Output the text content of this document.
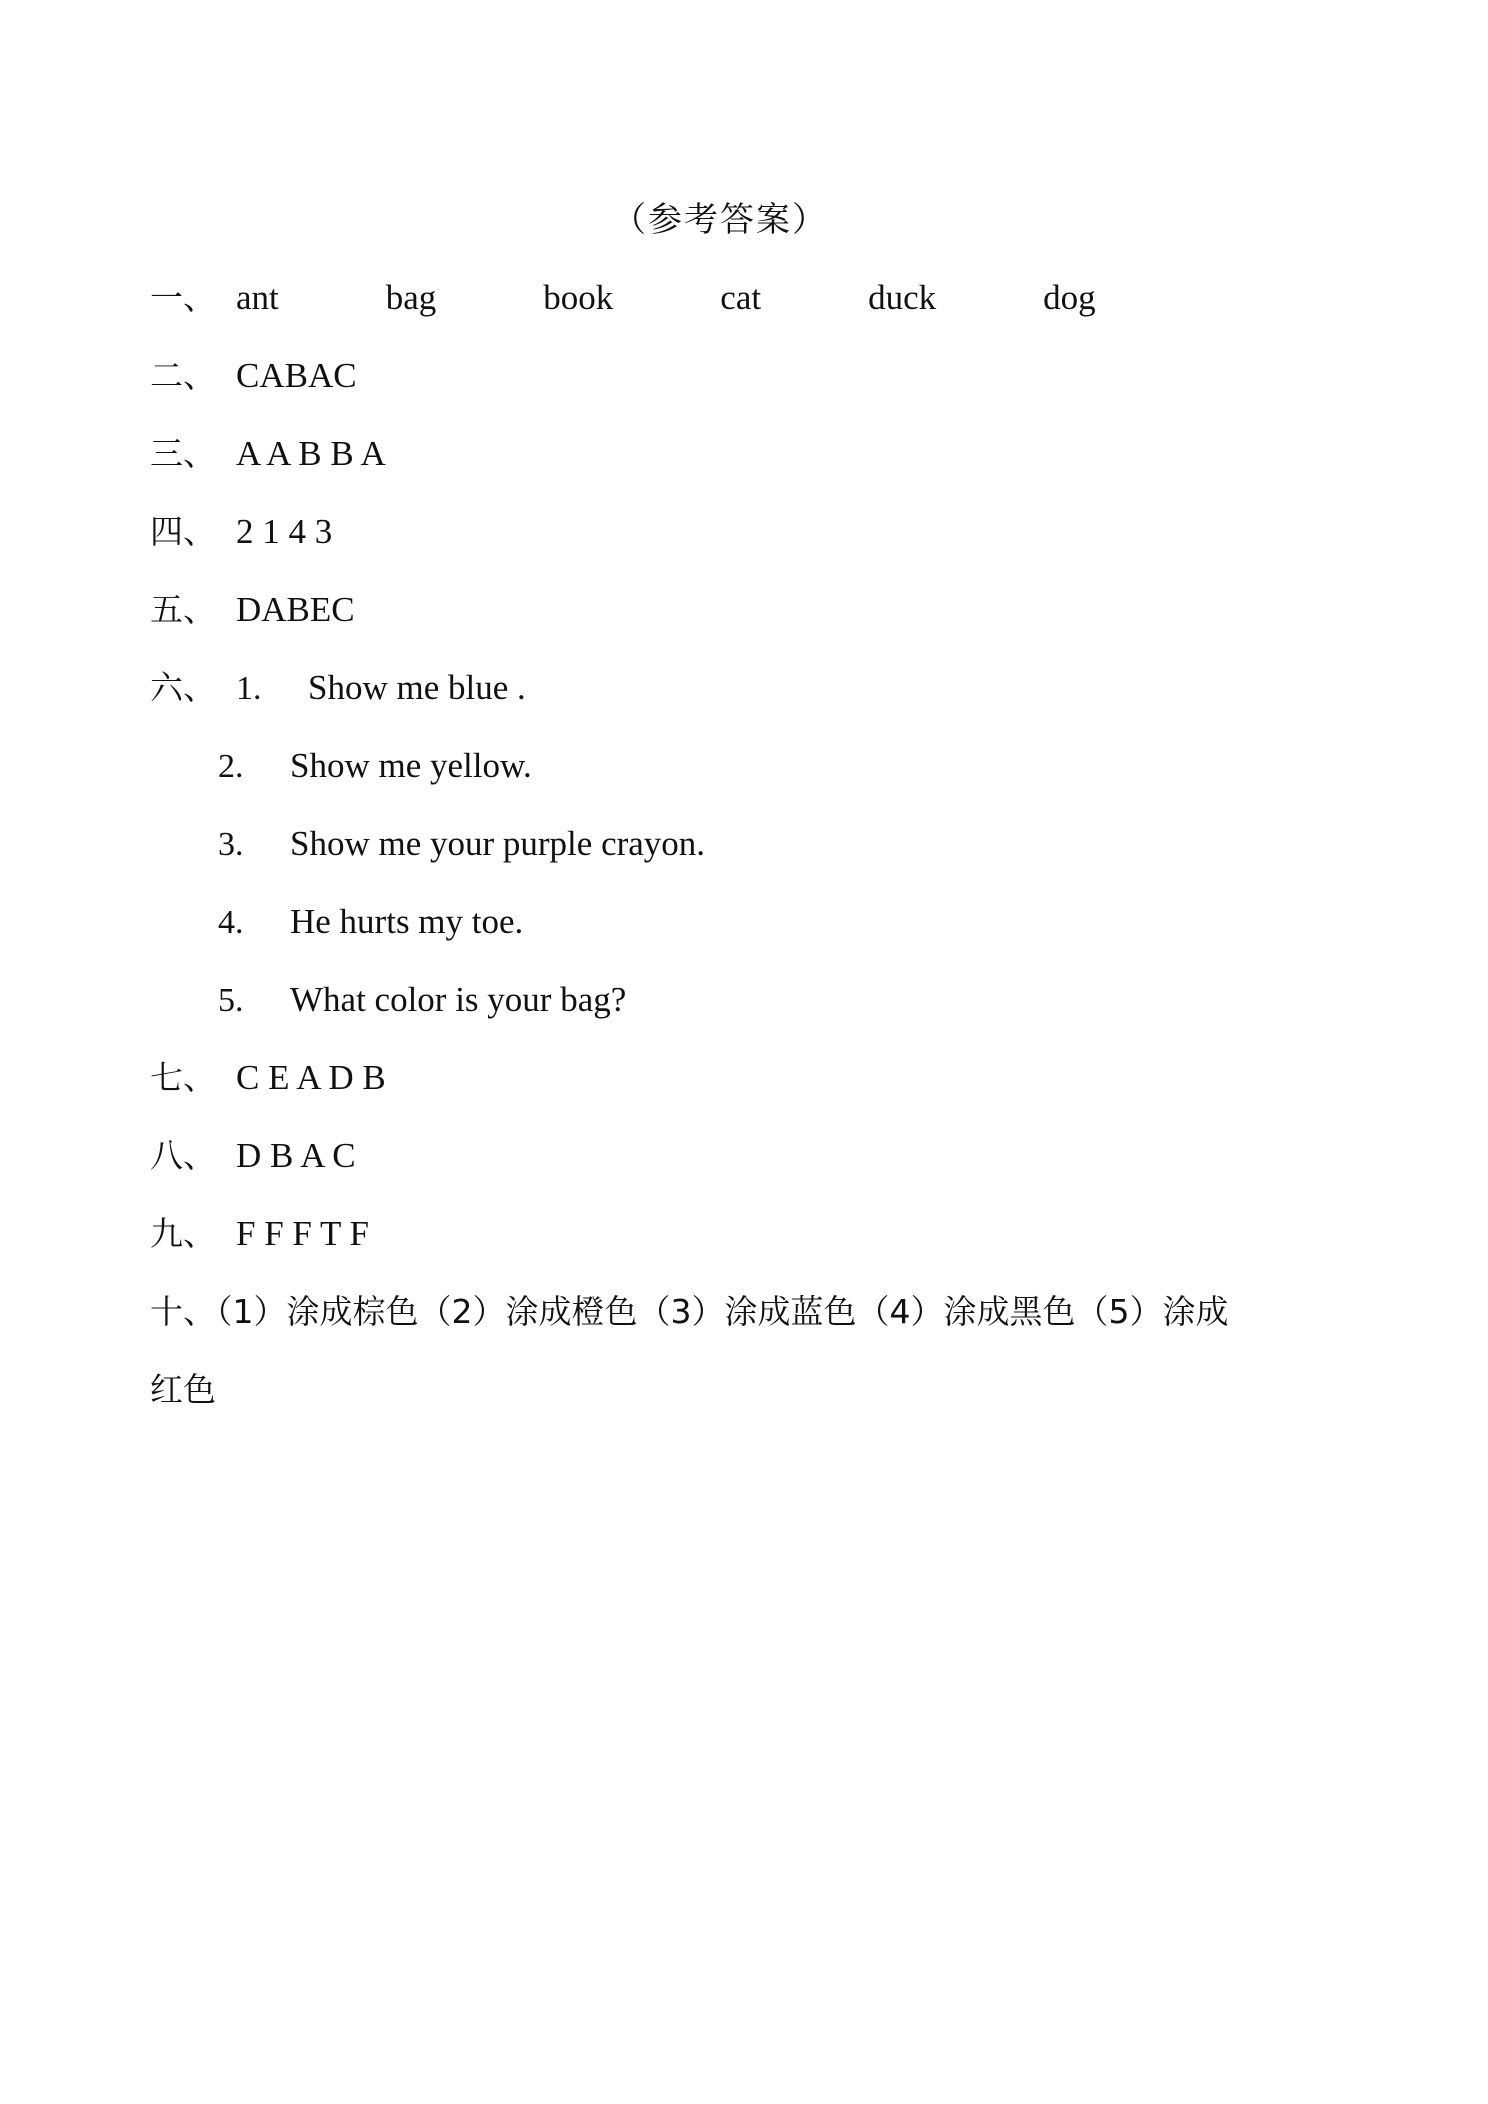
（参考答案）
一、 ant    bag    book    cat    duck    dog
二、 CABAC
三、 A A B B A
四、 2 1 4 3
五、 DABEC
六、 1. Show me blue .
2. Show me yellow.
3. Show me your purple crayon.
4. He hurts my toe.
5. What color is your bag?
七、 C E A D B
八、 D B A C
九、 F F F T F
十、（1）涂成棕色（2）涂成橙色（3）涂成蓝色（4）涂成黑色（5）涂成
红色
